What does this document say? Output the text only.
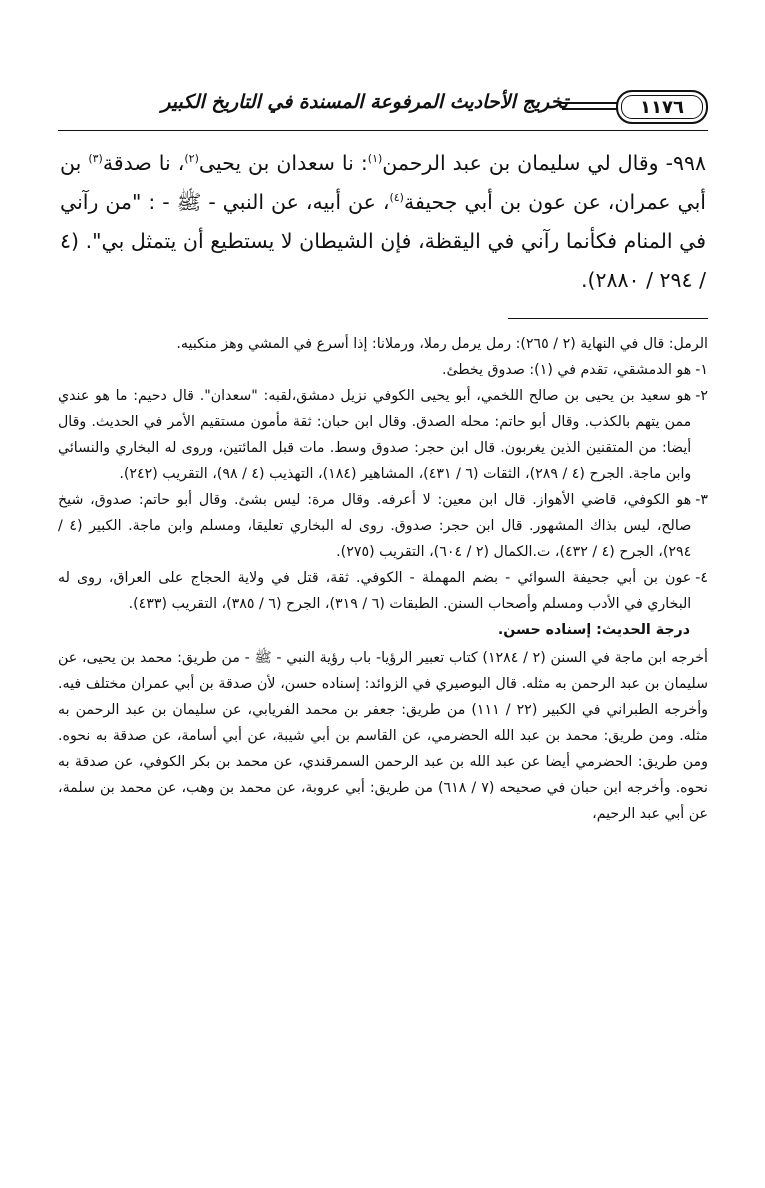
١١٧٦
تخريج الأحاديث المرفوعة المسندة في التاريخ الكبير
٩٩٨- وقال لي سليمان بن عبد الرحمن$^{(١)}$: نا سعدان بن يحيى$^{(٢)}$، نا صدقة$^{(٣)}$ بن أبي عمران، عن عون بن أبي جحيفة$^{(٤)}$، عن أبيه، عن النبي - ﷺ - : "من رآني في المنام فكأنما رآني في اليقظة، فإن الشيطان لا يستطيع أن يتمثل بي". (٤ / ٢٩٤ / ٢٨٨٠).

الرمل: قال في النهاية (٢ / ٢٦٥): رمل يرمل رملا، ورملانا: إذا أسرع في المشي وهز منكبيه.

١-
هو الدمشقي، تقدم في (١): صدوق يخطئ.
٢-
هو سعيد بن يحيى بن صالح اللخمي، أبو يحيى الكوفي نزيل دمشق،لقبه: "سعدان". قال دحيم: ما هو عندي ممن يتهم بالكذب. وقال أبو حاتم: محله الصدق. وقال ابن حبان: ثقة مأمون مستقيم الأمر في الحديث. وقال أيضا: من المتقنين الذين يغربون. قال ابن حجر: صدوق وسط. مات قبل المائتين، وروى له البخاري والنسائي وابن ماجة. الجرح (٤ / ٢٨٩)، الثقات (٦ / ٤٣١)، المشاهير (١٨٤)، التهذيب (٤ / ٩٨)، التقريب (٢٤٢).
٣-
هو الكوفي، قاضي الأهواز. قال ابن معين: لا أعرفه. وقال مرة: ليس بشئ. وقال أبو حاتم: صدوق، شيخ صالح، ليس بذاك المشهور. قال ابن حجر: صدوق. روى له البخاري تعليقا، ومسلم وابن ماجة. الكبير (٤ / ٢٩٤)، الجرح (٤ / ٤٣٢)، ت.الكمال (٢ / ٦٠٤)، التقريب (٢٧٥).
٤-
عون بن أبي جحيفة السوائي - بضم المهملة - الكوفي. ثقة، قتل في ولاية الحجاج على العراق، روى له البخاري في الأدب ومسلم وأصحاب السنن. الطبقات (٦ / ٣١٩)، الجرح (٦ / ٣٨٥)، التقريب (٤٣٣).

درجة الحديث: إسناده حسن.

أخرجه ابن ماجة في السنن (٢ / ١٢٨٤) كتاب تعبير الرؤيا- باب رؤية النبي - ﷺ - من طريق: محمد بن يحيى، عن سليمان بن عبد الرحمن به مثله. قال البوصيري في الزوائد: إسناده حسن، لأن صدقة بن أبي عمران مختلف فيه. وأخرجه الطبراني في الكبير (٢٢ / ١١١) من طريق: جعفر بن محمد الفريابي، عن سليمان بن عبد الرحمن به مثله. ومن طريق: محمد بن عبد الله الحضرمي، عن القاسم بن أبي شيبة، عن أبي أسامة، عن صدقة به نحوه. ومن طريق: الحضرمي أيضا عن عبد الله بن عبد الرحمن السمرقندي، عن محمد بن بكر الكوفي، عن صدقة به نحوه. وأخرجه ابن حبان في صحيحه (٧ / ٦١٨) من طريق: أبي عروبة، عن محمد بن وهب، عن محمد بن سلمة، عن أبي عبد الرحيم،
